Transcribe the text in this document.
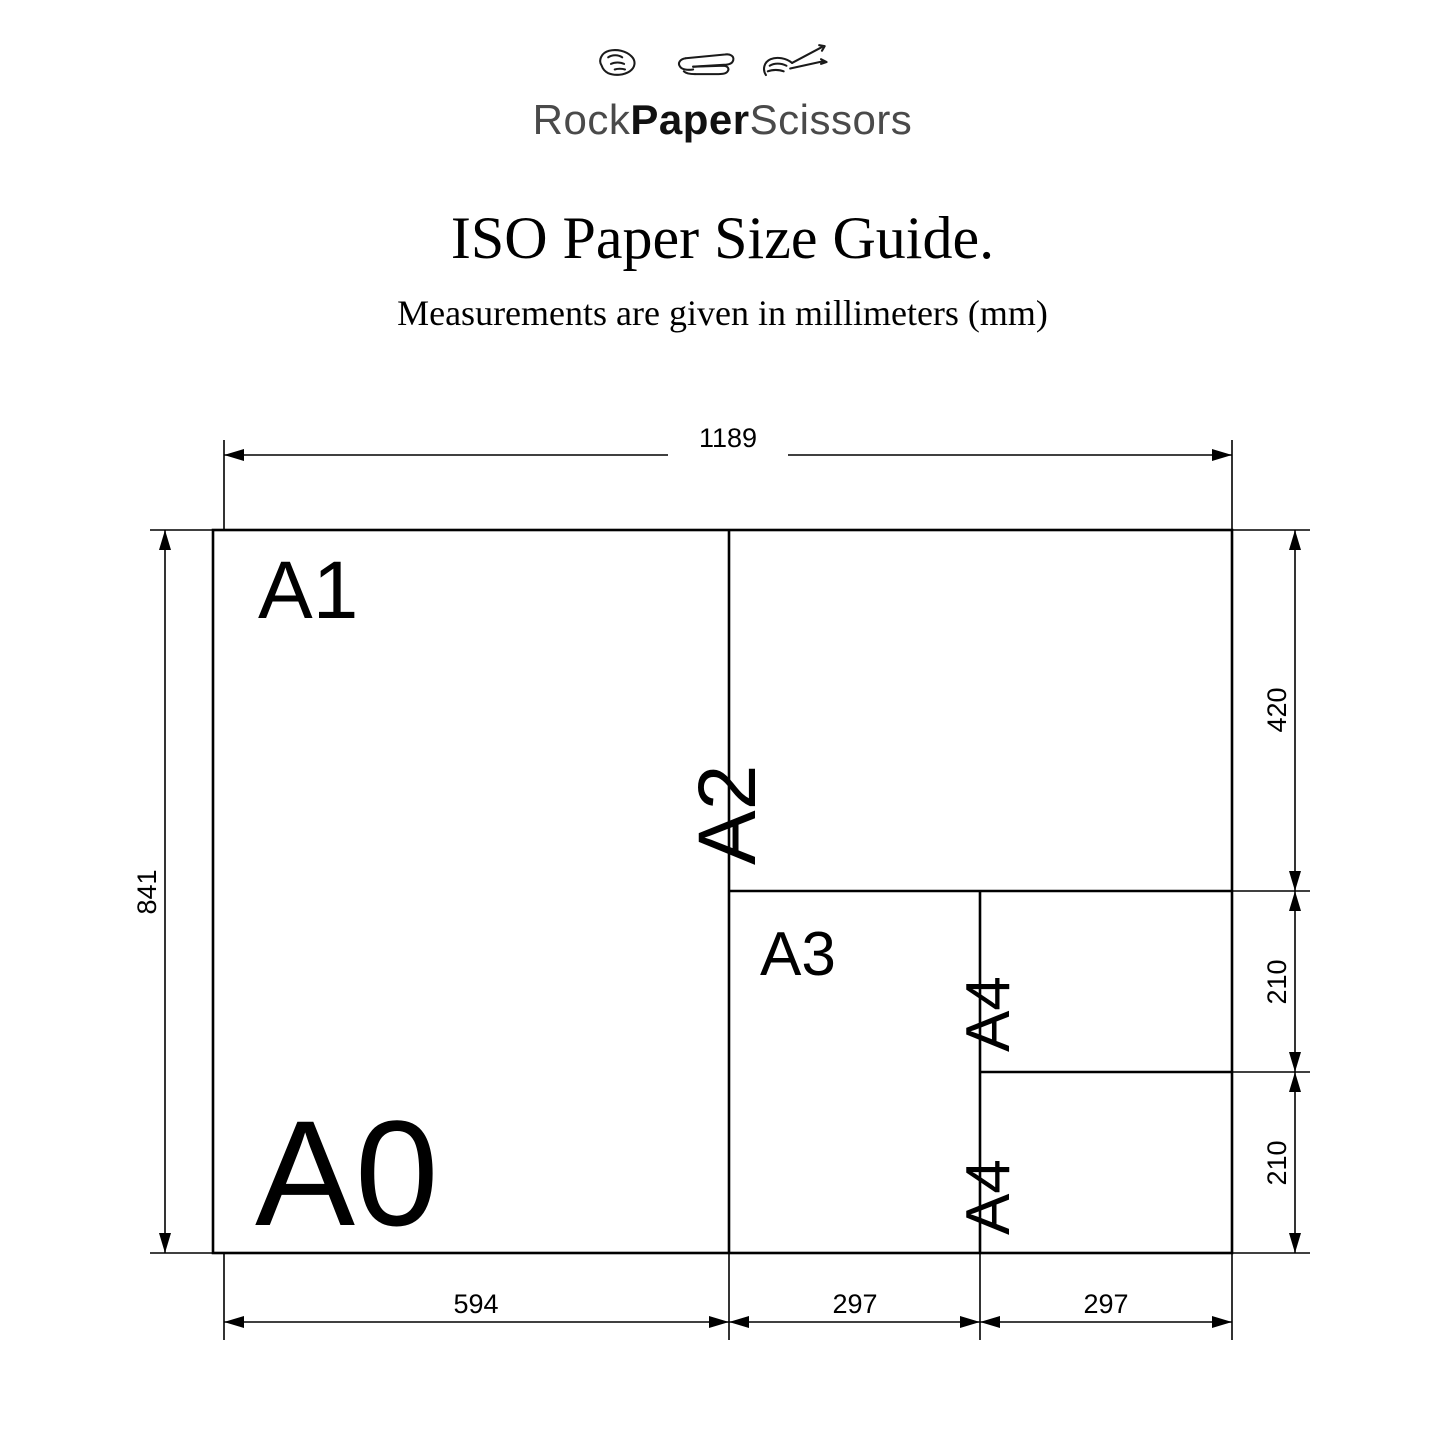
RockPaperScissors
ISO Paper Size Guide.
Measurements are given in millimeters (mm)
A0
A1
A2
A3
A4
A4
1189
841
420
210
210
594	297	297
